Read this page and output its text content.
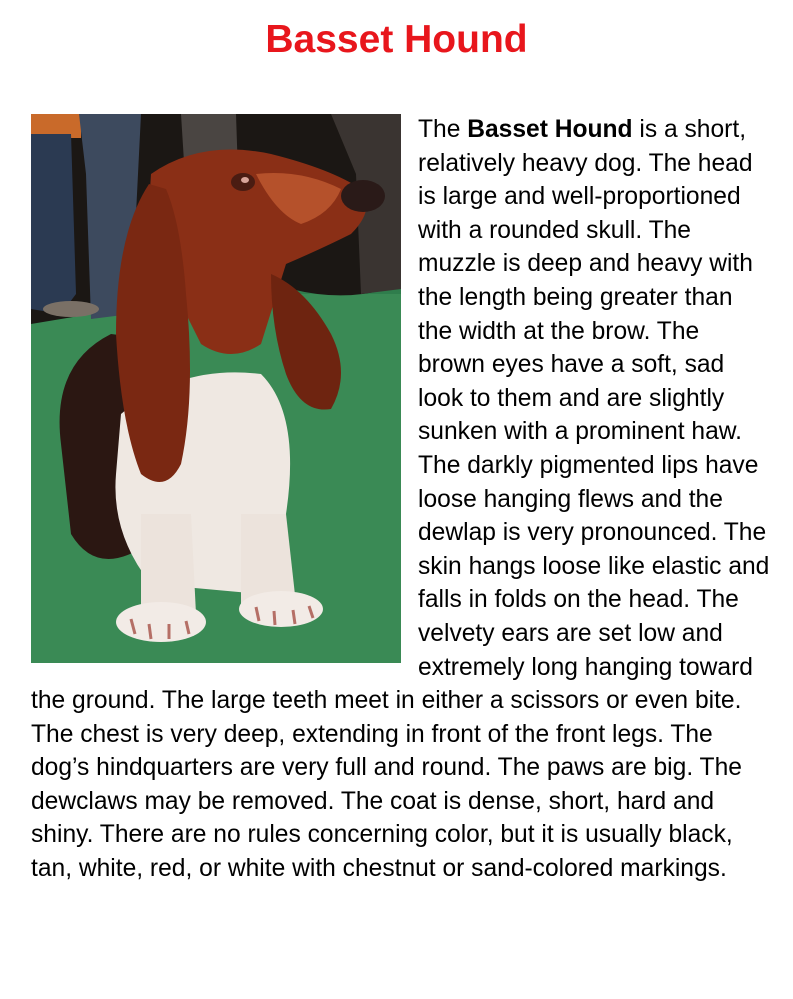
Basset Hound

The Basset Hound is a short, relatively heavy dog. The head is large and well-proportioned with a rounded skull. The muzzle is deep and heavy with the length being greater than the width at the brow. The brown eyes have a soft, sad look to them and are slightly sunken with a prominent haw. The darkly pigmented lips have loose hanging flews and the dewlap is very pronounced. The skin hangs loose like elastic and falls in folds on the head. The velvety ears are set low and extremely long hanging toward the ground. The large teeth meet in either a scissors or even bite. The chest is very deep, extending in front of the front legs. The dog’s hindquarters are very full and round. The paws are big. The dewclaws may be removed. The coat is dense, short, hard and shiny. There are no rules concerning color, but it is usually black, tan, white, red, or white with chestnut or sand-colored markings.
